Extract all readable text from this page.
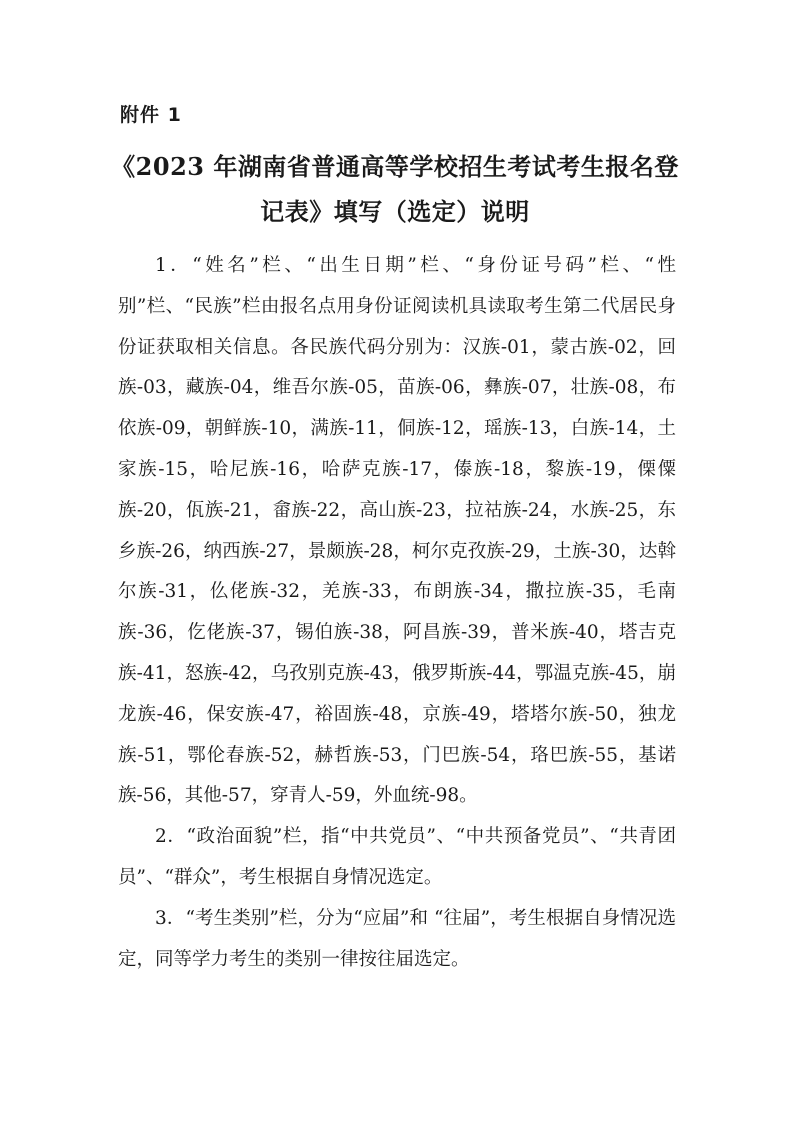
附件 1
《2023 年湖南省普通高等学校招生考试考生报名登
记表》填写（选定）说明

1．“姓名”栏、“出生日期”栏、“身份证号码”栏、“性别”栏、“民族”栏由报名点用身份证阅读机具读取考生第二代居民身份证获取相关信息。各民族代码分别为：汉族-01，蒙古族-02，回族-03，藏族-04，维吾尔族-05，苗族-06，彝族-07，壮族-08，布依族-09，朝鲜族-10，满族-11，侗族-12，瑶族-13，白族-14，土家族-15，哈尼族-16，哈萨克族-17，傣族-18，黎族-19，傈僳族-20，佤族-21，畲族-22，高山族-23，拉祜族-24，水族-25，东乡族-26，纳西族-27，景颇族-28，柯尔克孜族-29，土族-30，达斡尔族-31，仫佬族-32，羌族-33，布朗族-34，撒拉族-35，毛南族-36，仡佬族-37，锡伯族-38，阿昌族-39，普米族-40，塔吉克族-41，怒族-42，乌孜别克族-43，俄罗斯族-44，鄂温克族-45，崩龙族-46，保安族-47，裕固族-48，京族-49，塔塔尔族-50，独龙族-51，鄂伦春族-52，赫哲族-53，门巴族-54，珞巴族-55，基诺族-56，其他-57，穿青人-59，外血统-98。

2．“政治面貌”栏，指“中共党员”、“中共预备党员”、“共青团员”、“群众”，考生根据自身情况选定。

3．“考生类别”栏，分为“应届”和 “往届”，考生根据自身情况选定，同等学力考生的类别一律按往届选定。
